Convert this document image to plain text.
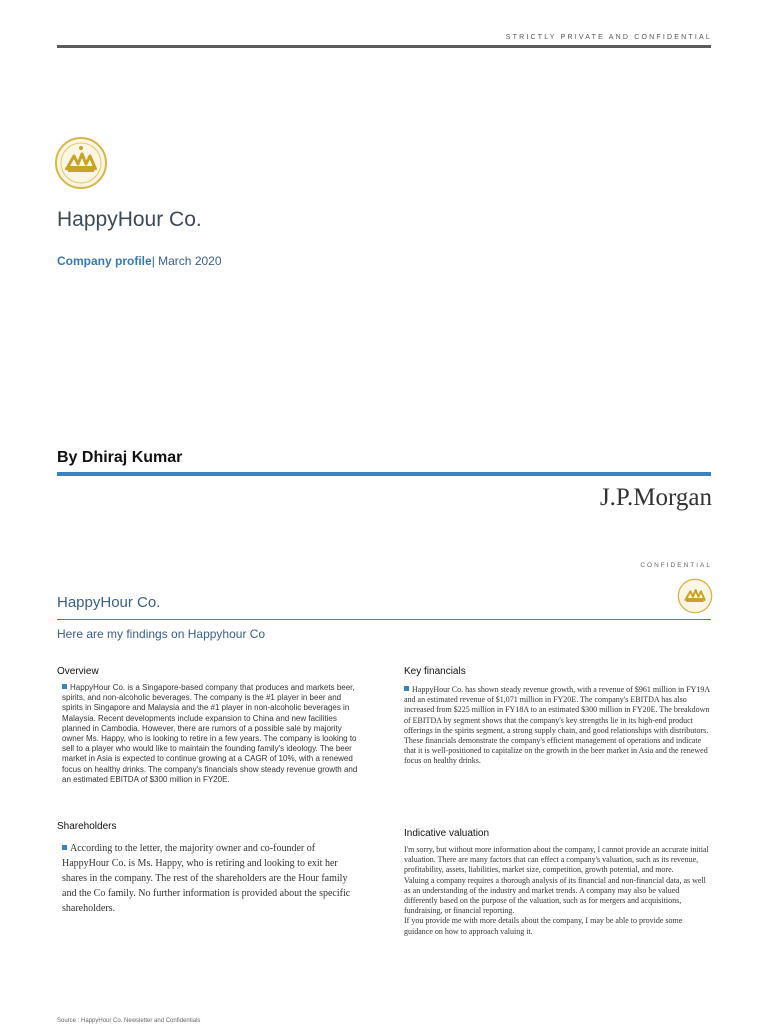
STRICTLY PRIVATE AND CONFIDENTIAL
HappyHour Co.
Company profile| March 2020
By Dhiraj Kumar
J.P.Morgan
CONFIDENTIAL
HappyHour Co.
Here are my findings on Happyhour Co
Overview
HappyHour Co. is a Singapore-based company that produces and markets beer, spirits, and non-alcoholic beverages. The company is the #1 player in beer and spirits in Singapore and Malaysia and the #1 player in non-alcoholic beverages in Malaysia. Recent developments include expansion to China and new facilities planned in Cambodia. However, there are rumors of a possible sale by majority owner Ms. Happy, who is looking to retire in a few years. The company is looking to sell to a player who would like to maintain the founding family's ideology. The beer market in Asia is expected to continue growing at a CAGR of 10%, with a renewed focus on healthy drinks. The company's financials show steady revenue growth and an estimated EBITDA of $300 million in FY20E.
Shareholders
According to the letter, the majority owner and co-founder of HappyHour Co. is Ms. Happy, who is retiring and looking to exit her shares in the company. The rest of the shareholders are the Hour family and the Co family. No further information is provided about the specific shareholders.
Key financials
HappyHour Co. has shown steady revenue growth, with a revenue of $961 million in FY19A and an estimated revenue of $1,071 million in FY20E. The company's EBITDA has also increased from $225 million in FY18A to an estimated $300 million in FY20E. The breakdown of EBITDA by segment shows that the company's key strengths lie in its high-end product offerings in the spirits segment, a strong supply chain, and good relationships with distributors. These financials demonstrate the company's efficient management of operations and indicate that it is well-positioned to capitalize on the growth in the beer market in Asia and the renewed focus on healthy drinks.
Indicative valuation
I'm sorry, but without more information about the company, I cannot provide an accurate initial valuation. There are many factors that can effect a company's valuation, such as its revenue, profitability, assets, liabilities, market size, competition, growth potential, and more.
Valuing a company requires a thorough analysis of its financial and non-financial data, as well as an understanding of the industry and market trends. A company may also be valued differently based on the purpose of the valuation, such as for mergers and acquisitions, fundraising, or financial reporting.
If you provide me with more details about the company, I may be able to provide some guidance on how to approach valuing it.
Source : HappyHour Co. Newsletter and Confidentials
